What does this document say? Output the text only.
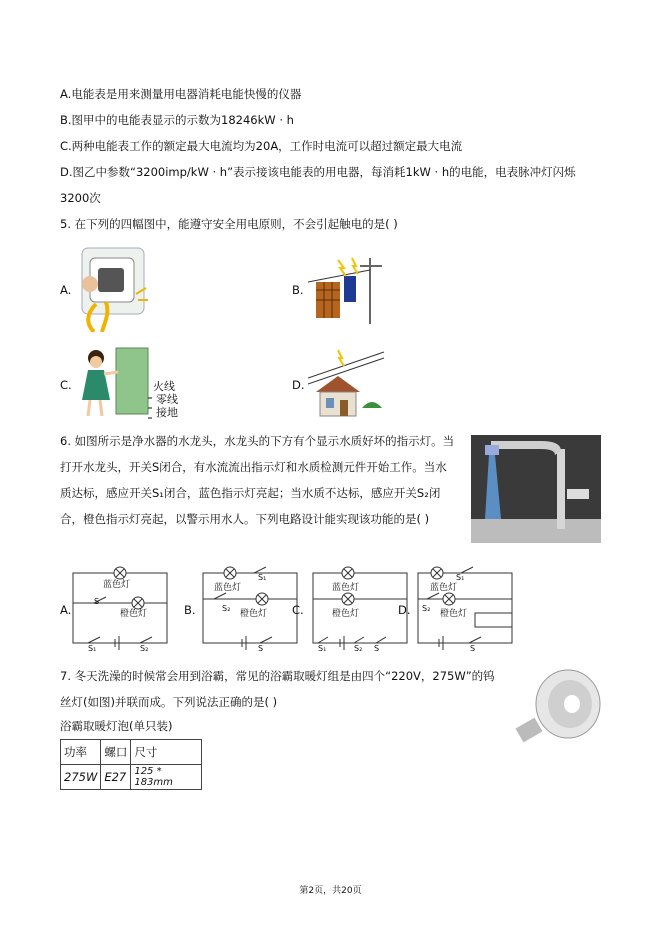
A.电能表是用来测量用电器消耗电能快慢的仪器
B.图甲中的电能表显示的示数为18246kW · h
C.两种电能表工作的额定最大电流均为20A，工作时电流可以超过额定最大电流
D.图乙中参数“3200imp/kW · h”表示接该电能表的用电器，每消耗1kW · h的电能，电表脉冲灯闪烁
3200次
5. 在下列的四幅图中，能遵守安全用电原则，不会引起触电的是( )
A.	B.
C.	火线
零线
接地
D.
6. 如图所示是净水器的水龙头，水龙头的下方有个显示水质好坏的指示灯。当
打开水龙头，开关S闭合，有水流流出指示灯和水质检测元件开始工作。当水
质达标，感应开关S₁闭合，蓝色指示灯亮起；当水质不达标，感应开关S₂闭
合，橙色指示灯亮起，以警示用水人。下列电路设计能实现该功能的是( )
A.	B.	C.	D.
蓝色灯
橙色灯
S
S₁	S₂
蓝色灯
橙色灯
S₁
S₂
S
蓝色灯
橙色灯
S₁	S₂ S
蓝色灯
橙色灯
S₁
S₂
S
7. 冬天洗澡的时候常会用到浴霸，常见的浴霸取暖灯组是由四个“220V，275W”的钨
丝灯(如图)并联而成。下列说法正确的是( )
浴霸取暖灯泡(单只装)
功率	螺口	尺寸
275W	E27	125 * 183mm
第2页，共20页
